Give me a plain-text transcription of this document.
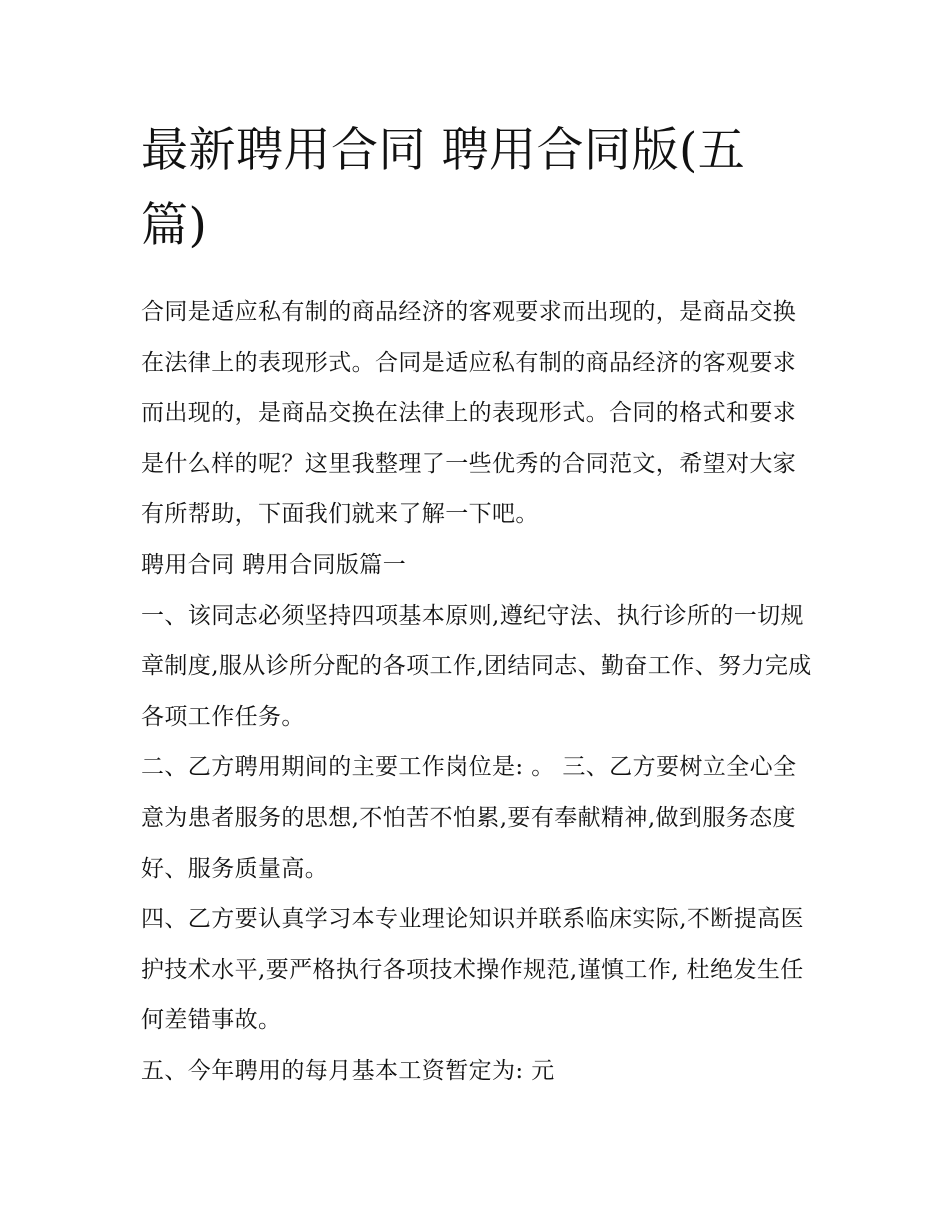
最新聘用合同 聘用合同版(五篇)

合同是适应私有制的商品经济的客观要求而出现的，是商品交换在法律上的表现形式。合同是适应私有制的商品经济的客观要求而出现的，是商品交换在法律上的表现形式。合同的格式和要求是什么样的呢？这里我整理了一些优秀的合同范文，希望对大家有所帮助，下面我们就来了解一下吧。

聘用合同 聘用合同版篇一

一、该同志必须坚持四项基本原则,遵纪守法、执行诊所的一切规章制度,服从诊所分配的各项工作,团结同志、勤奋工作、努力完成各项工作任务。

二、乙方聘用期间的主要工作岗位是: 。 三、乙方要树立全心全意为患者服务的思想,不怕苦不怕累,要有奉献精神,做到服务态度好、服务质量高。

四、乙方要认真学习本专业理论知识并联系临床实际,不断提高医护技术水平,要严格执行各项技术操作规范,谨慎工作, 杜绝发生任何差错事故。

五、今年聘用的每月基本工资暂定为: 元
